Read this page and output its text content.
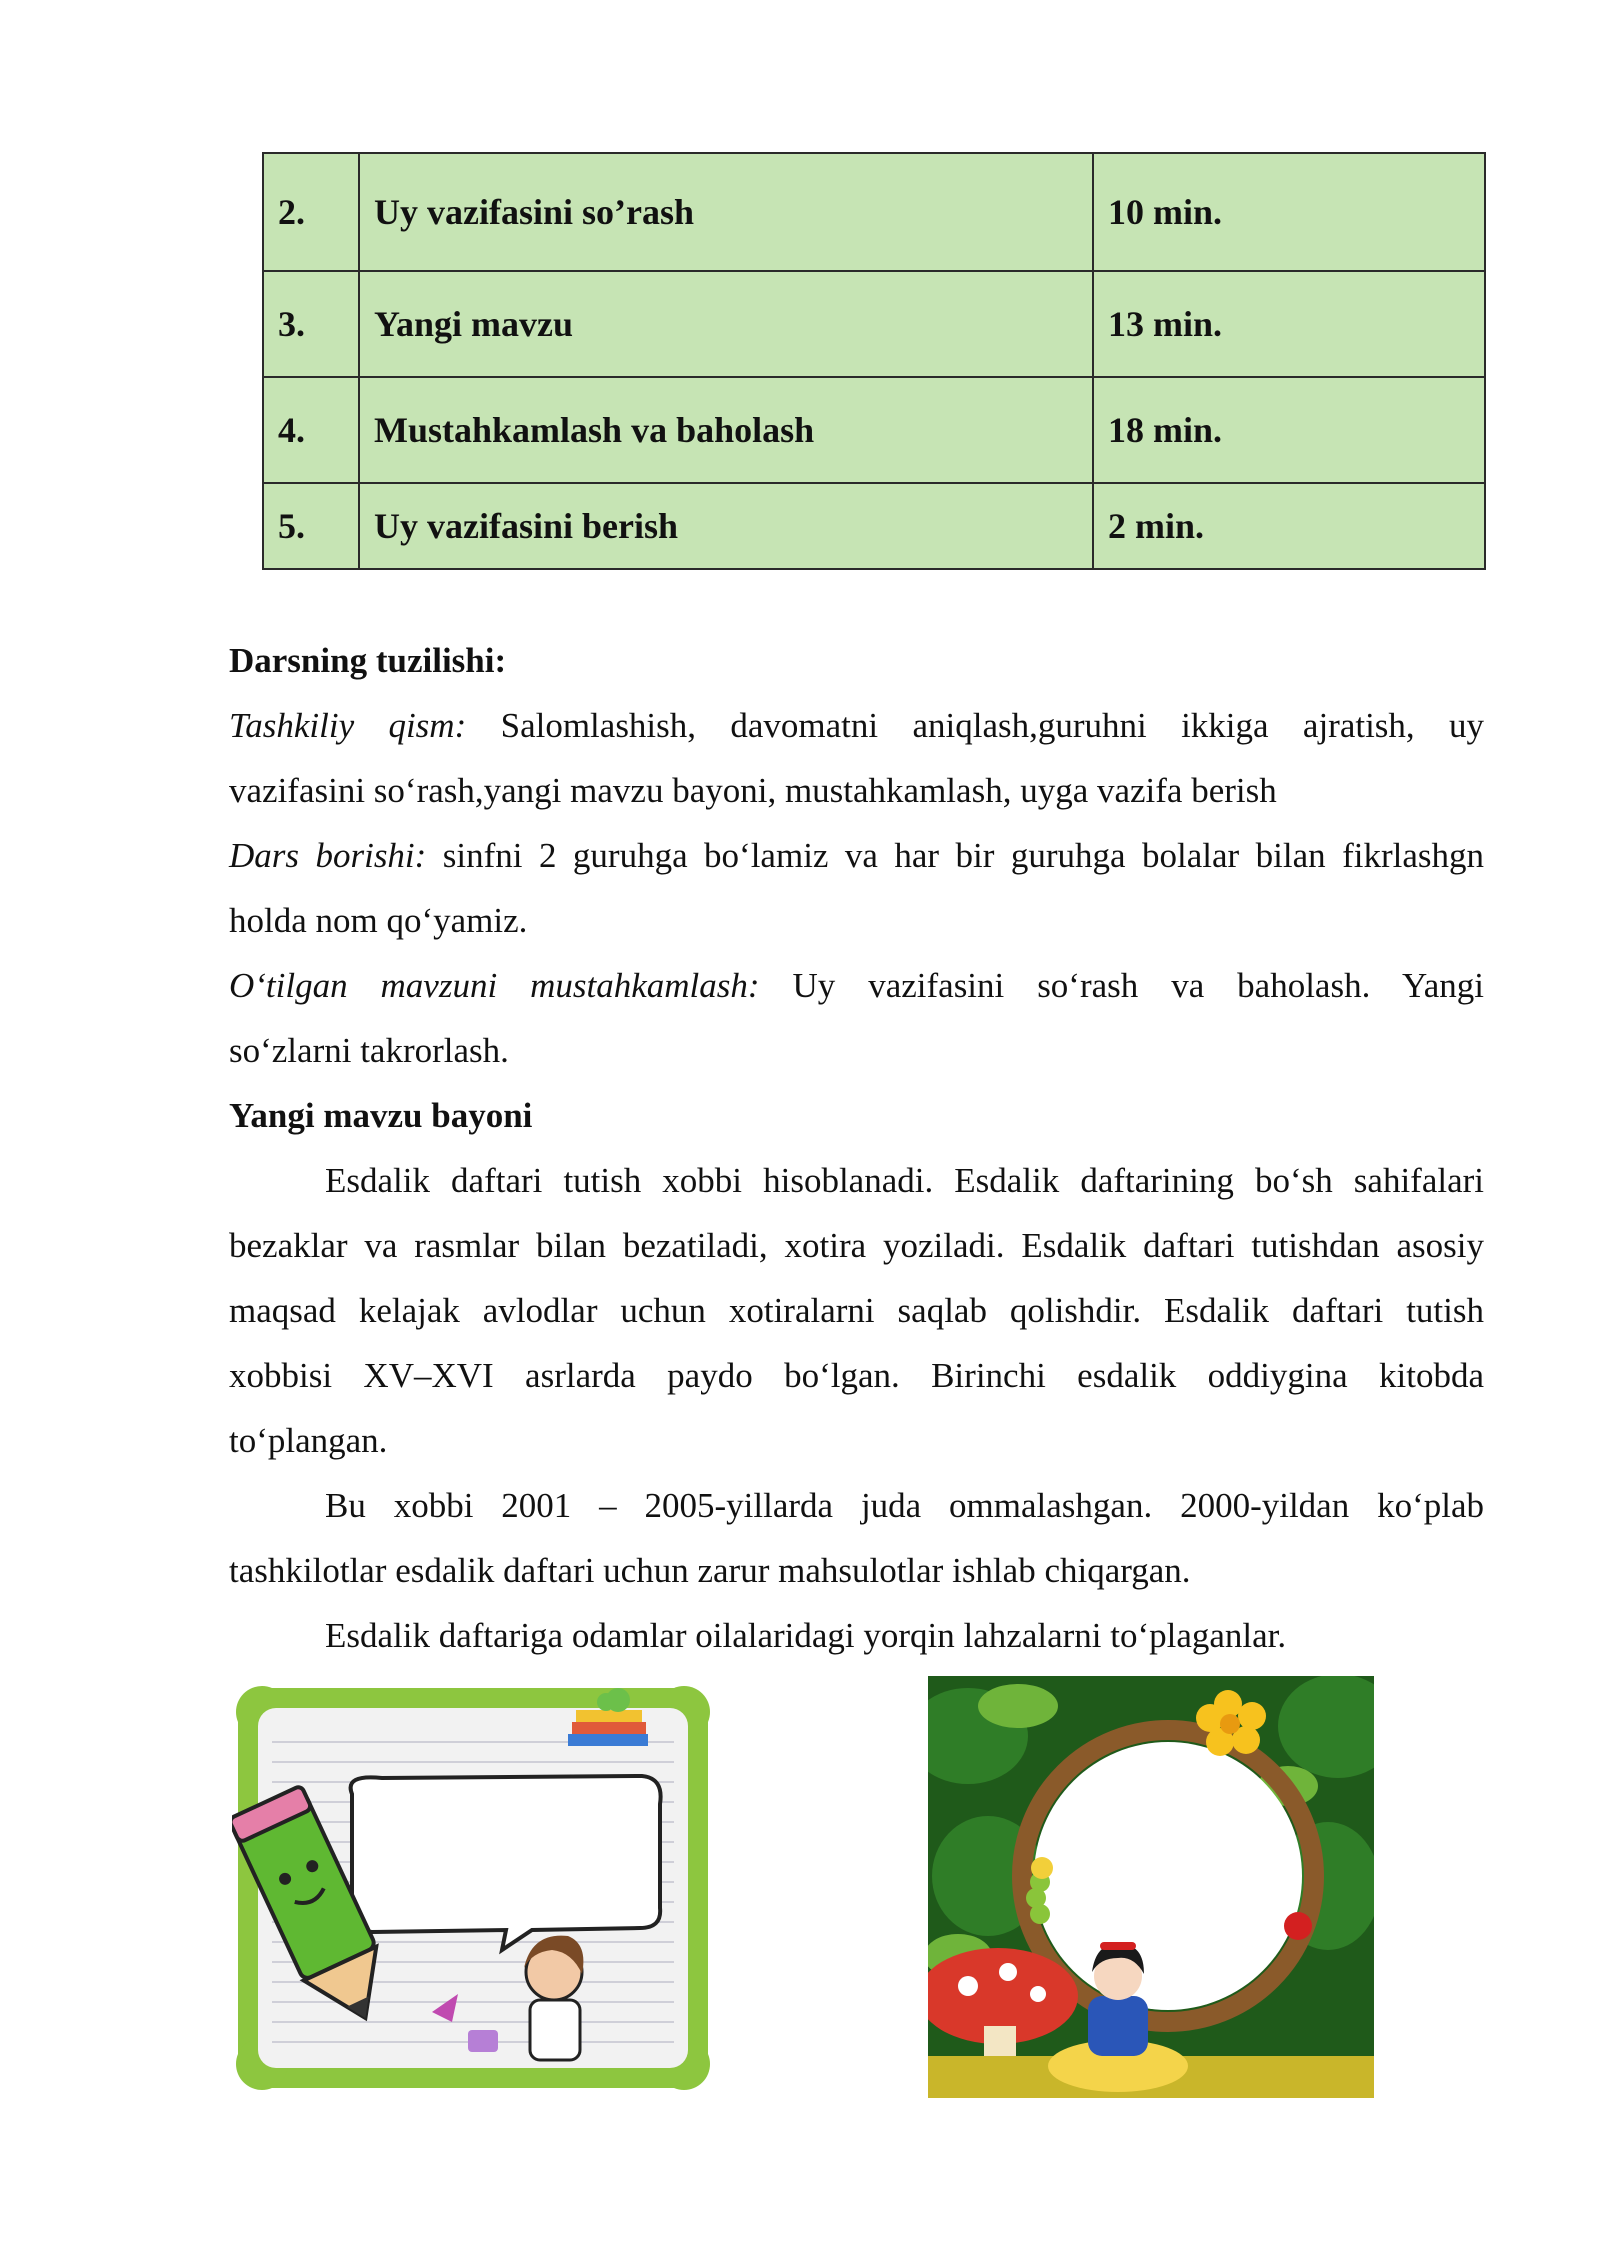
2.	Uy vazifasini so’rash	10 min.
3.	Yangi mavzu	13 min.
4.	Mustahkamlash va baholash	18 min.
5.	Uy vazifasini berish	2 min.
Darsning tuzilishi:
Tashkiliy qism: Salomlashish, davomatni aniqlash,guruhni ikkiga ajratish, uy
vazifasini so‘rash,yangi mavzu bayoni, mustahkamlash, uyga vazifa berish
Dars borishi: sinfni 2 guruhga bo‘lamiz va har bir guruhga bolalar bilan fikrlashgn
holda nom qo‘yamiz.
O‘tilgan mavzuni mustahkamlash: Uy vazifasini so‘rash va baholash. Yangi
so‘zlarni takrorlash.
Yangi mavzu bayoni
Esdalik daftari tutish xobbi hisoblanadi. Esdalik daftarining bo‘sh sahifalari
bezaklar va rasmlar bilan bezatiladi, xotira yoziladi. Esdalik daftari tutishdan asosiy
maqsad kelajak avlodlar uchun xotiralarni saqlab qolishdir. Esdalik daftari tutish
xobbisi XV–XVI asrlarda paydo bo‘lgan. Birinchi esdalik oddiygina kitobda
to‘plangan.
Bu xobbi 2001 – 2005-yillarda juda ommalashgan. 2000-yildan ko‘plab
tashkilotlar esdalik daftari uchun zarur mahsulotlar ishlab chiqargan.
Esdalik daftariga odamlar oilalaridagi yorqin lahzalarni to‘plaganlar.
